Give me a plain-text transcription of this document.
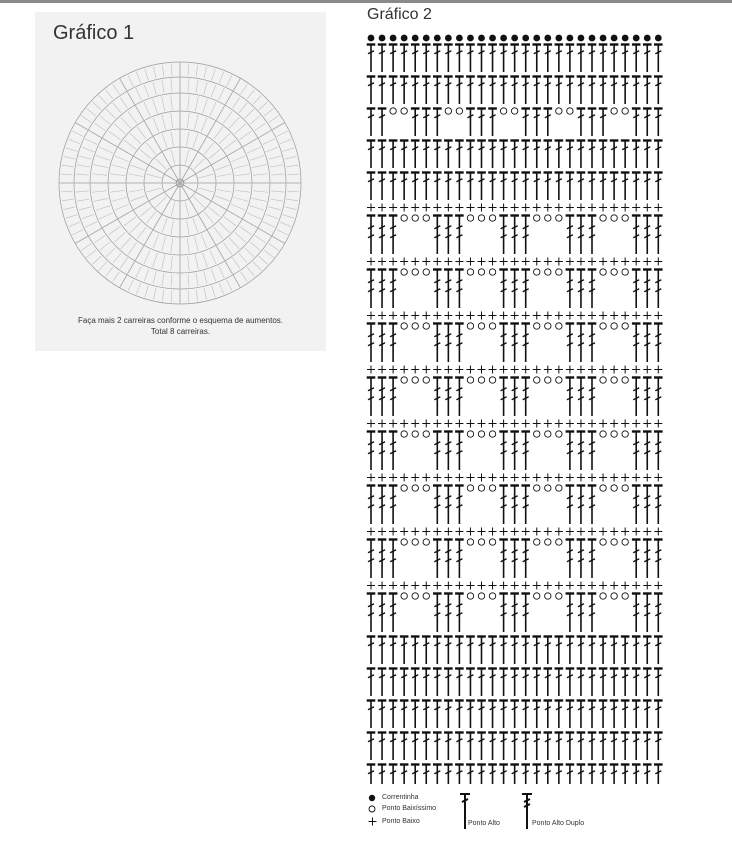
Gráfico 1
Faça mais 2 carreiras conforme o esquema de aumentos.
Total 8 carreiras.
Gráfico 2
Correntinha
Ponto Baixíssimo
Ponto Baixo	Ponto Alto	Ponto Alto Duplo
